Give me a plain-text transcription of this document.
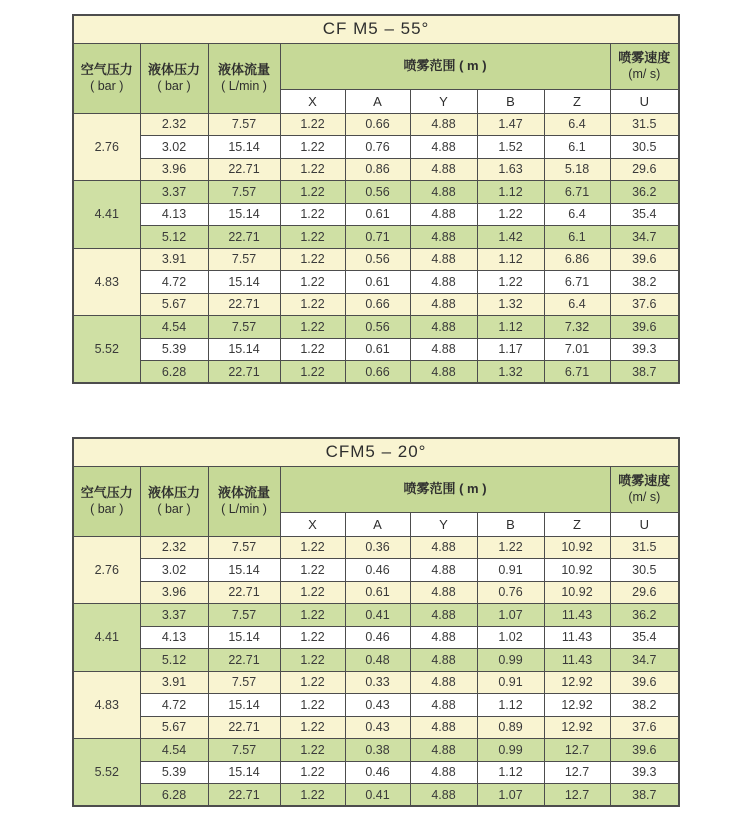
CF M5 – 55°								
空气压力
( bar )	液体压力
( bar )	液体流量
( L/min )	喷雾范围 ( m )					喷雾速度
(m/ s)

			X	A	Y	B	Z	U
2.76	2.32	7.57	1.22	0.66	4.88	1.47	6.4	31.5
	3.02	15.14	1.22	0.76	4.88	1.52	6.1	30.5
	3.96	22.71	1.22	0.86	4.88	1.63	5.18	29.6
4.41	3.37	7.57	1.22	0.56	4.88	1.12	6.71	36.2
	4.13	15.14	1.22	0.61	4.88	1.22	6.4	35.4
	5.12	22.71	1.22	0.71	4.88	1.42	6.1	34.7
4.83	3.91	7.57	1.22	0.56	4.88	1.12	6.86	39.6
	4.72	15.14	1.22	0.61	4.88	1.22	6.71	38.2
	5.67	22.71	1.22	0.66	4.88	1.32	6.4	37.6
5.52	4.54	7.57	1.22	0.56	4.88	1.12	7.32	39.6
	5.39	15.14	1.22	0.61	4.88	1.17	7.01	39.3
	6.28	22.71	1.22	0.66	4.88	1.32	6.71	38.7
CFM5 – 20°								
空气压力
( bar )	液体压力
( bar )	液体流量
( L/min )	喷雾范围 ( m )					喷雾速度
(m/ s)

			X	A	Y	B	Z	U
2.76	2.32	7.57	1.22	0.36	4.88	1.22	10.92	31.5
	3.02	15.14	1.22	0.46	4.88	0.91	10.92	30.5
	3.96	22.71	1.22	0.61	4.88	0.76	10.92	29.6
4.41	3.37	7.57	1.22	0.41	4.88	1.07	11.43	36.2
	4.13	15.14	1.22	0.46	4.88	1.02	11.43	35.4
	5.12	22.71	1.22	0.48	4.88	0.99	11.43	34.7
4.83	3.91	7.57	1.22	0.33	4.88	0.91	12.92	39.6
	4.72	15.14	1.22	0.43	4.88	1.12	12.92	38.2
	5.67	22.71	1.22	0.43	4.88	0.89	12.92	37.6
5.52	4.54	7.57	1.22	0.38	4.88	0.99	12.7	39.6
	5.39	15.14	1.22	0.46	4.88	1.12	12.7	39.3
	6.28	22.71	1.22	0.41	4.88	1.07	12.7	38.7
